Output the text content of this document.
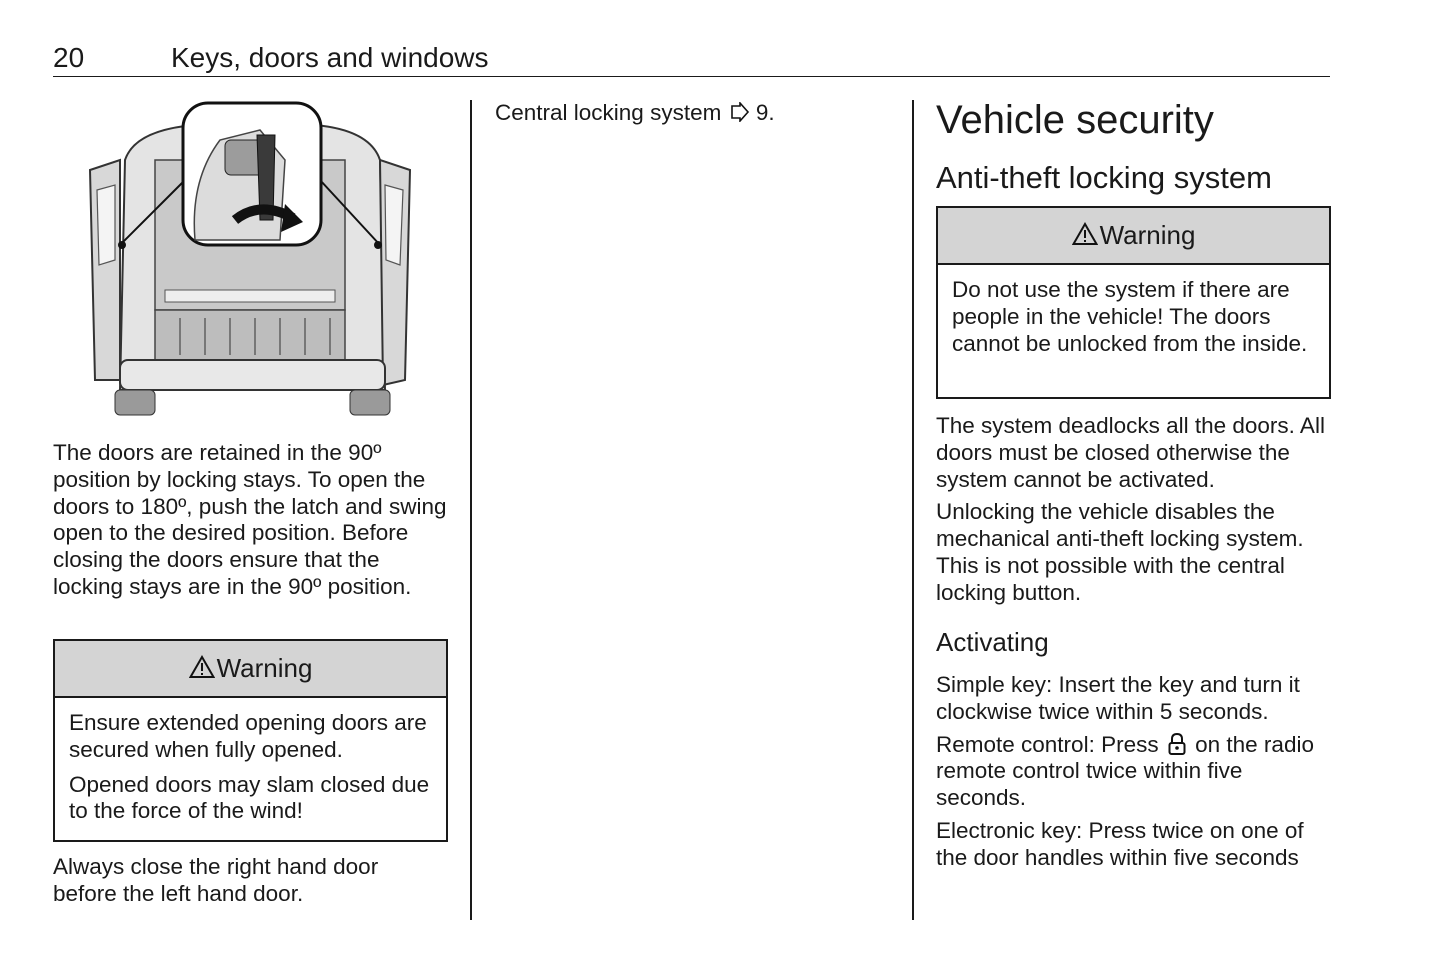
20	Keys, doors and windows

The doors are retained in the 90º position by locking stays. To open the doors to 180º, push the latch and swing open to the desired position. Before closing the doors ensure that the locking stays are in the 90º position.

Warning

Ensure extended opening doors are secured when fully opened.

Opened doors may slam closed due to the force of the wind!

Always close the right hand door before the left hand door.

Central locking system 9.	Vehicle security
Anti-theft locking system
Warning

Do not use the system if there are people in the vehicle! The doors cannot be unlocked from the inside.

The system deadlocks all the doors. All doors must be closed otherwise the system cannot be activated.

Unlocking the vehicle disables the mechanical anti-theft locking system. This is not possible with the central locking button.

Activating

Simple key: Insert the key and turn it clockwise twice within 5 seconds.

Remote control: Press on the radio remote control twice within five seconds.

Electronic key: Press twice on one of the door handles within five seconds
